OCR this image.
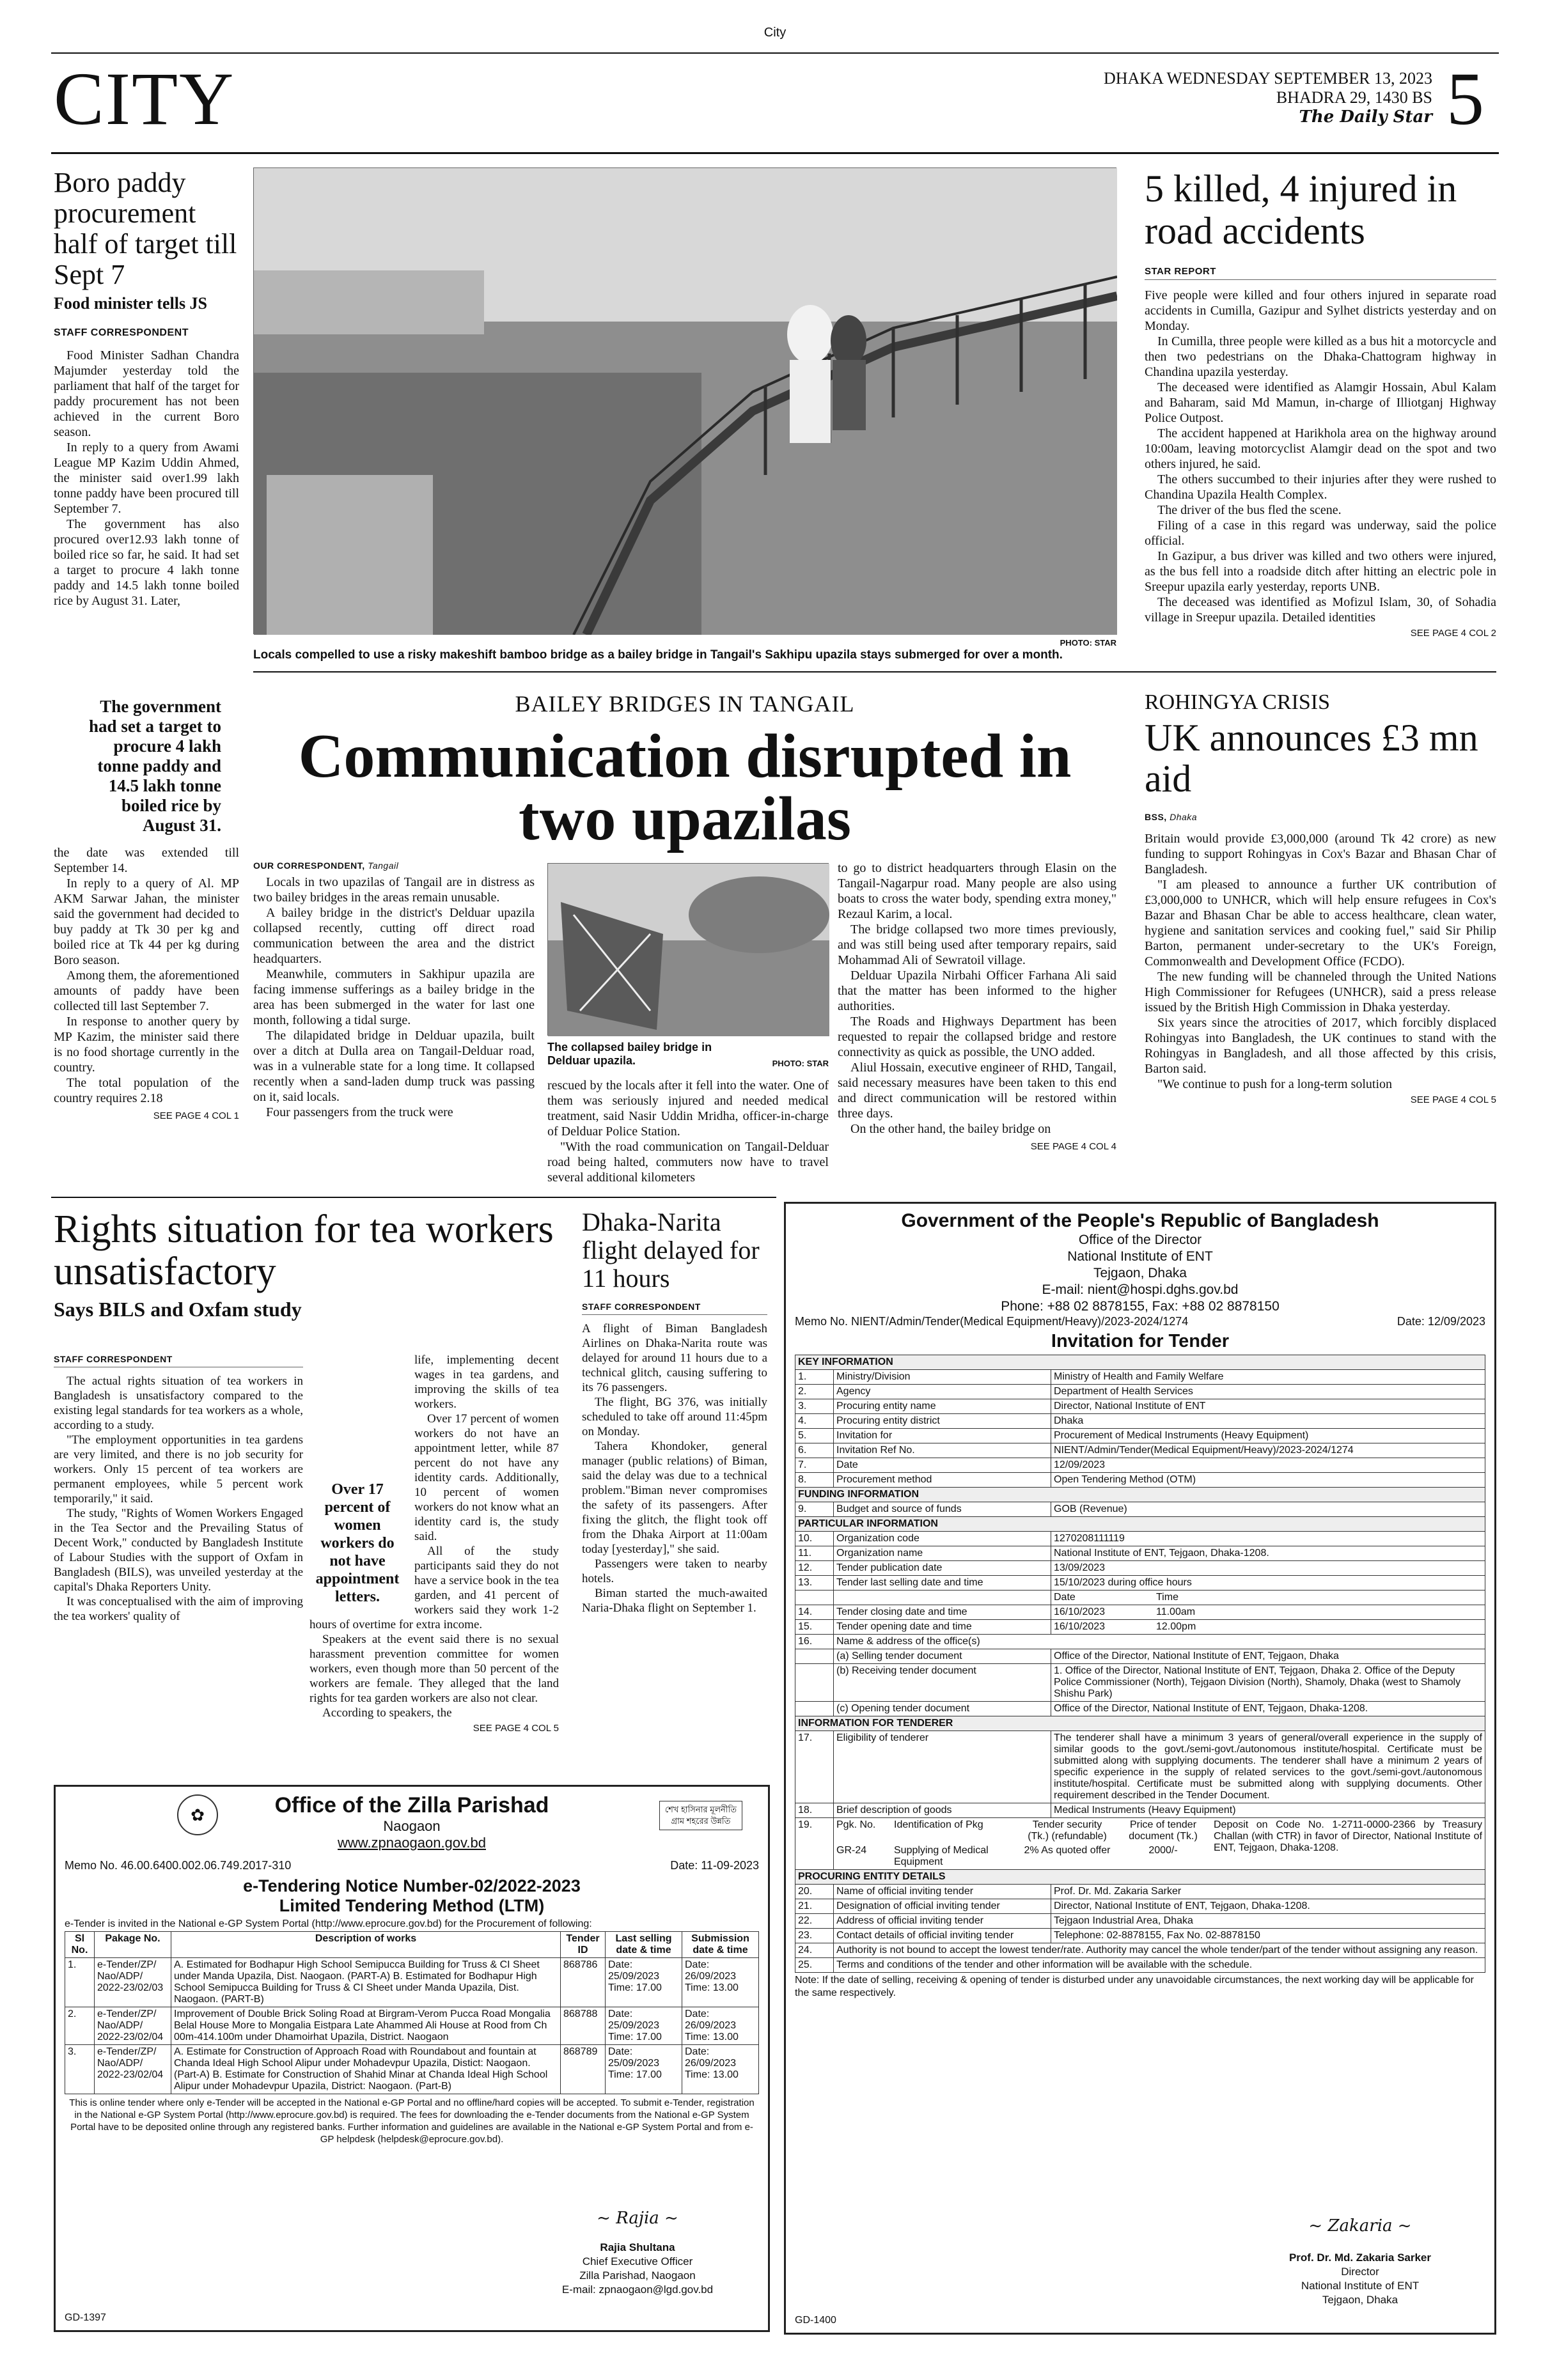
City
CITY	DHAKA WEDNESDAY SEPTEMBER 13, 2023
BHADRA 29, 1430 BS
The Daily Star 5
Boro paddy procurement half of target till Sept 7
Food minister tells JS
STAFF CORRESPONDENT

Food Minister Sadhan Chandra Majumder yesterday told the parliament that half of the target for paddy procurement has not been achieved in the current Boro season.

In reply to a query from Awami League MP Kazim Uddin Ahmed, the minister said over1.99 lakh tonne paddy have been procured till September 7.

The government has also procured over12.93 lakh tonne of boiled rice so far, he said. It had set a target to procure 4 lakh tonne paddy and 14.5 lakh tonne boiled rice by August 31. Later,

The government had set a target to procure 4 lakh tonne paddy and 14.5 lakh tonne boiled rice by August 31.

the date was extended till September 14.

In reply to a query of Al. MP AKM Sarwar Jahan, the minister said the government had decided to buy paddy at Tk 30 per kg and boiled rice at Tk 44 per kg during Boro season.

Among them, the aforementioned amounts of paddy have been collected till last September 7.

In response to another query by MP Kazim, the minister said there is no food shortage currently in the country.

The total population of the country requires 2.18

SEE PAGE 4 COL 1
PHOTO: STAR
Locals compelled to use a risky makeshift bamboo bridge as a bailey bridge in Tangail's Sakhipu upazila stays submerged for over a month.
5 killed, 4 injured in road accidents
STAR REPORT

Five people were killed and four others injured in separate road accidents in Cumilla, Gazipur and Sylhet districts yesterday and on Monday.

In Cumilla, three people were killed as a bus hit a motorcycle and then two pedestrians on the Dhaka-Chattogram highway in Chandina upazila yesterday.

The deceased were identified as Alamgir Hossain, Abul Kalam and Baharam, said Md Mamun, in-charge of Illiotganj Highway Police Outpost.

The accident happened at Harikhola area on the highway around 10:00am, leaving motorcyclist Alamgir dead on the spot and two others injured, he said.

The others succumbed to their injuries after they were rushed to Chandina Upazila Health Complex.

The driver of the bus fled the scene.

Filing of a case in this regard was underway, said the police official.

In Gazipur, a bus driver was killed and two others were injured, as the bus fell into a roadside ditch after hitting an electric pole in Sreepur upazila early yesterday, reports UNB.

The deceased was identified as Mofizul Islam, 30, of Sohadia village in Sreepur upazila. Detailed identities

SEE PAGE 4 COL 2
BAILEY BRIDGES IN TANGAIL
Communication disrupted in two upazilas
OUR CORRESPONDENT, Tangail

Locals in two upazilas of Tangail are in distress as two bailey bridges in the areas remain unusable.

A bailey bridge in the district's Delduar upazila collapsed recently, cutting off direct road communication between the area and the district headquarters.

Meanwhile, commuters in Sakhipur upazila are facing immense sufferings as a bailey bridge in the area has been submerged in the water for last one month, following a tidal surge.

The dilapidated bridge in Delduar upazila, built over a ditch at Dulla area on Tangail-Delduar road, was in a vulnerable state for a long time. It collapsed recently when a sand-laden dump truck was passing on it, said locals.

Four passengers from the truck were

The collapsed bailey bridge in Delduar upazila.	PHOTO: STAR

rescued by the locals after it fell into the water. One of them was seriously injured and needed medical treatment, said Nasir Uddin Mridha, officer-in-charge of Delduar Police Station.

"With the road communication on Tangail-Delduar road being halted, commuters now have to travel several additional kilometers

to go to district headquarters through Elasin on the Tangail-Nagarpur road. Many people are also using boats to cross the water body, spending extra money," Rezaul Karim, a local.

The bridge collapsed two more times previously, and was still being used after temporary repairs, said Mohammad Ali of Sewratoil village.

Delduar Upazila Nirbahi Officer Farhana Ali said that the matter has been informed to the higher authorities.

The Roads and Highways Department has been requested to repair the collapsed bridge and restore connectivity as quick as possible, the UNO added.

Aliul Hossain, executive engineer of RHD, Tangail, said necessary measures have been taken to this end and direct communication will be restored within three days.

On the other hand, the bailey bridge on

SEE PAGE 4 COL 4
ROHINGYA CRISIS
UK announces £3 mn aid
BSS, Dhaka

Britain would provide £3,000,000 (around Tk 42 crore) as new funding to support Rohingyas in Cox's Bazar and Bhasan Char of Bangladesh.

"I am pleased to announce a further UK contribution of £3,000,000 to UNHCR, which will help ensure refugees in Cox's Bazar and Bhasan Char be able to access healthcare, clean water, hygiene and sanitation services and cooking fuel," said Sir Philip Barton, permanent under-secretary to the UK's Foreign, Commonwealth and Development Office (FCDO).

The new funding will be channeled through the United Nations High Commissioner for Refugees (UNHCR), said a press release issued by the British High Commission in Dhaka yesterday.

Six years since the atrocities of 2017, which forcibly displaced Rohingyas into Bangladesh, the UK continues to stand with the Rohingyas in Bangladesh, and all those affected by this crisis, Barton said.

"We continue to push for a long-term solution

SEE PAGE 4 COL 5
Rights situation for tea workers unsatisfactory
Says BILS and Oxfam study
STAFF CORRESPONDENT

The actual rights situation of tea workers in Bangladesh is unsatisfactory compared to the existing legal standards for tea workers as a whole, according to a study.

"The employment opportunities in tea gardens are very limited, and there is no job security for workers. Only 15 percent of tea workers are permanent employees, while 5 percent work temporarily," it said.

The study, "Rights of Women Workers Engaged in the Tea Sector and the Prevailing Status of Decent Work," conducted by Bangladesh Institute of Labour Studies with the support of Oxfam in Bangladesh (BILS), was unveiled yesterday at the capital's Dhaka Reporters Unity.

It was conceptualised with the aim of improving the tea workers' quality of

Over 17 percent of women workers do not have appointment letters.

life, implementing decent wages in tea gardens, and improving the skills of tea workers.

Over 17 percent of women workers do not have an appointment letter, while 87 percent do not have any identity cards. Additionally, 10 percent of women workers do not know what an identity card is, the study said.

All of the study participants said they do not have a service book in the tea garden, and 41 percent of workers said they work 1-2 hours of overtime for extra income.

Speakers at the event said there is no sexual harassment prevention committee for women workers, even though more than 50 percent of the workers are female. They alleged that the land rights for tea garden workers are also not clear.

According to speakers, the

SEE PAGE 4 COL 5
Dhaka-Narita flight delayed for 11 hours
STAFF CORRESPONDENT

A flight of Biman Bangladesh Airlines on Dhaka-Narita route was delayed for around 11 hours due to a technical glitch, causing suffering to its 76 passengers.

The flight, BG 376, was initially scheduled to take off around 11:45pm on Monday.

Tahera Khondoker, general manager (public relations) of Biman, said the delay was due to a technical problem."Biman never compromises the safety of its passengers. After fixing the glitch, the flight took off from the Dhaka Airport at 11:00am today [yesterday]," she said.

Passengers were taken to nearby hotels.

Biman started the much-awaited Naria-Dhaka flight on September 1.

✿	শেখ হাসিনার মূলনীতি
গ্রাম শহরের উন্নতি
Office of the Zilla Parishad
Naogaon
www.zpnaogaon.gov.bd
Memo No. 46.00.6400.002.06.749.2017-310	Date: 11-09-2023
e-Tendering Notice Number-02/2022-2023
Limited Tendering Method (LTM)
e-Tender is invited in the National e-GP System Portal (http://www.eprocure.gov.bd) for the Procurement of following:
Sl No.	Pakage No.	Description of works	Tender ID	Last selling date & time	Submission date & time
1.	e-Tender/ZP/ Nao/ADP/ 2022-23/02/03	A. Estimated for Bodhapur High School Semipucca Building for Truss & CI Sheet under Manda Upazila, Dist. Naogaon. (PART-A) B. Estimated for Bodhapur High School Semipucca Building for Truss & CI Sheet under Manda Upazila, Dist. Naogaon. (PART-B)	868786	Date: 25/09/2023 Time: 17.00	Date: 26/09/2023 Time: 13.00
2.	e-Tender/ZP/ Nao/ADP/ 2022-23/02/04	Improvement of Double Brick Soling Road at Birgram-Verom Pucca Road Mongalia Belal House More to Mongalia Eistpara Late Ahammed Ali House at Rood from Ch 00m-414.100m under Dhamoirhat Upazila, District. Naogaon	868788	Date: 25/09/2023 Time: 17.00	Date: 26/09/2023 Time: 13.00
3.	e-Tender/ZP/ Nao/ADP/ 2022-23/02/04	A. Estimate for Construction of Approach Road with Roundabout and fountain at Chanda Ideal High School Alipur under Mohadevpur Upazila, Distict: Naogaon. (Part-A) B. Estimate for Construction of Shahid Minar at Chanda Ideal High School Alipur under Mohadevpur Upazila, District: Naogaon. (Part-B)	868789	Date: 25/09/2023 Time: 17.00	Date: 26/09/2023 Time: 13.00
This is online tender where only e-Tender will be accepted in the National e-GP Portal and no offline/hard copies will be accepted. To submit e-Tender, registration in the National e-GP System Portal (http://www.eprocure.gov.bd) is required. The fees for downloading the e-Tender documents from the National e-GP System Portal have to be deposited online through any registered banks. Further information and guidelines are available in the National e-GP System Portal and from e-GP helpdesk (helpdesk@eprocure.gov.bd).
~ Rajia ~
Rajia Shultana
Chief Executive Officer
Zilla Parishad, Naogaon
E-mail: zpnaogaon@lgd.gov.bd
GD-1397
Government of the People's Republic of Bangladesh
Office of the Director
National Institute of ENT
Tejgaon, Dhaka
E-mail: nient@hospi.dghs.gov.bd
Phone: +88 02 8878155, Fax: +88 02 8878150
Memo No. NIENT/Admin/Tender(Medical Equipment/Heavy)/2023-2024/1274	Date: 12/09/2023
Invitation for Tender
KEY INFORMATION
1.	Ministry/Division	Ministry of Health and Family Welfare
2.	Agency	Department of Health Services
3.	Procuring entity name	Director, National Institute of ENT
4.	Procuring entity district	Dhaka
5.	Invitation for	Procurement of Medical Instruments (Heavy Equipment)
6.	Invitation Ref No.	NIENT/Admin/Tender(Medical Equipment/Heavy)/2023-2024/1274
7.	Date	12/09/2023
8.	Procurement method	Open Tendering Method (OTM)
FUNDING INFORMATION
9.	Budget and source of funds	GOB (Revenue)
PARTICULAR INFORMATION
10.	Organization code	1270208111119
11.	Organization name	National Institute of ENT, Tejgaon, Dhaka-1208.
12.	Tender publication date	13/09/2023
13.	Tender last selling date and time	15/10/2023 during office hours
		Date	Time
14.	Tender closing date and time	16/10/2023	11.00am
15.	Tender opening date and time	16/10/2023	12.00pm
16.	Name & address of the office(s)
	(a) Selling tender document	Office of the Director, National Institute of ENT, Tejgaon, Dhaka
	(b) Receiving tender document	1. Office of the Director, National Institute of ENT, Tejgaon, Dhaka 2. Office of the Deputy Police Commissioner (North), Tejgaon Division (North), Shamoly, Dhaka (west to Shamoly Shishu Park)
	(c) Opening tender document	Office of the Director, National Institute of ENT, Tejgaon, Dhaka-1208.
INFORMATION FOR TENDERER
17.	Eligibility of tenderer	The tenderer shall have a minimum 3 years of general/overall experience in the supply of similar goods to the govt./semi-govt./autonomous institute/hospital. Certificate must be submitted along with supplying documents. The tenderer shall have a minimum 2 years of specific experience in the supply of related services to the govt./semi-govt./autonomous institute/hospital. Certificate must be submitted along with supplying documents. Other requirement described in the Tender Document.
18.	Brief description of goods	Medical Instruments (Heavy Equipment)
19.	Pgk. No.	Identification of Pkg	Tender security (Tk.) (refundable)	Price of tender document (Tk.)	Deposit on Code No. 1-2711-0000-2366 by Treasury Challan (with CTR) in favor of Director, National Institute of ENT, Tejgaon, Dhaka-1208.
GR-24	Supplying of Medical Equipment	2% As quoted offer	2000/-

PROCURING ENTITY DETAILS
20.	Name of official inviting tender	Prof. Dr. Md. Zakaria Sarker
21.	Designation of official inviting tender	Director, National Institute of ENT, Tejgaon, Dhaka-1208.
22.	Address of official inviting tender	Tejgaon Industrial Area, Dhaka
23.	Contact details of official inviting tender	Telephone: 02-8878155, Fax No. 02-8878150
24.	Authority is not bound to accept the lowest tender/rate. Authority may cancel the whole tender/part of the tender without assigning any reason.
25.	Terms and conditions of the tender and other information will be available with the schedule.
Note: If the date of selling, receiving & opening of tender is disturbed under any unavoidable circumstances, the next working day will be applicable for the same respectively.
~ Zakaria ~
Prof. Dr. Md. Zakaria Sarker
Director
National Institute of ENT
Tejgaon, Dhaka
GD-1400
